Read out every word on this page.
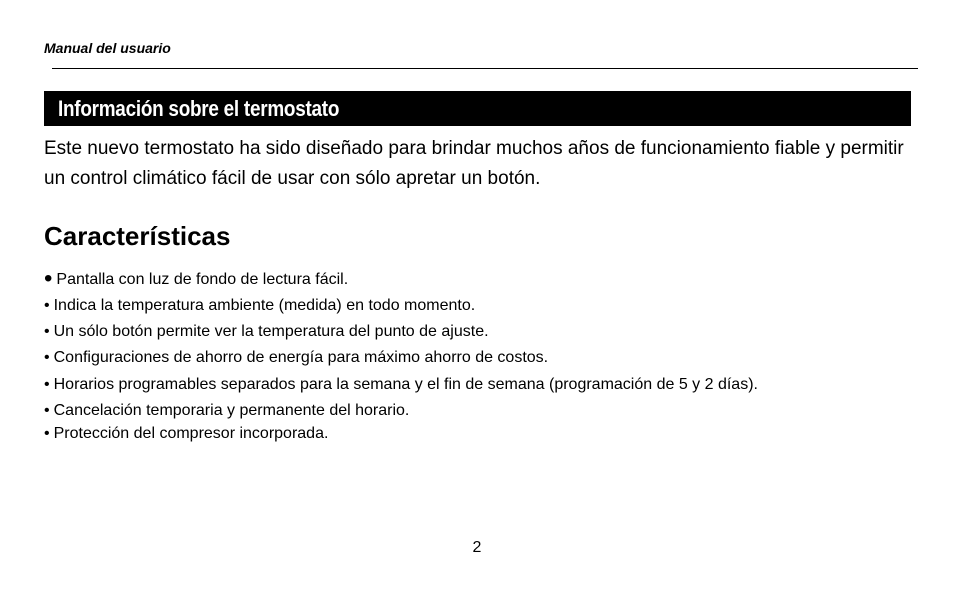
Manual del usuario
Información sobre el termostato

Este nuevo termostato ha sido diseñado para brindar muchos años de funcionamiento fiable y permitir un control climático fácil de usar con sólo apretar un botón.

Características
• Pantalla con luz de fondo de lectura fácil.
• Indica la temperatura ambiente (medida) en todo momento.
• Un sólo botón permite ver la temperatura del punto de ajuste.
• Configuraciones de ahorro de energía para máximo ahorro de costos.
• Horarios programables separados para la semana y el fin de semana (programación de 5 y 2 días).
• Cancelación temporaria y permanente del horario.
• Protección del compresor incorporada.
2
